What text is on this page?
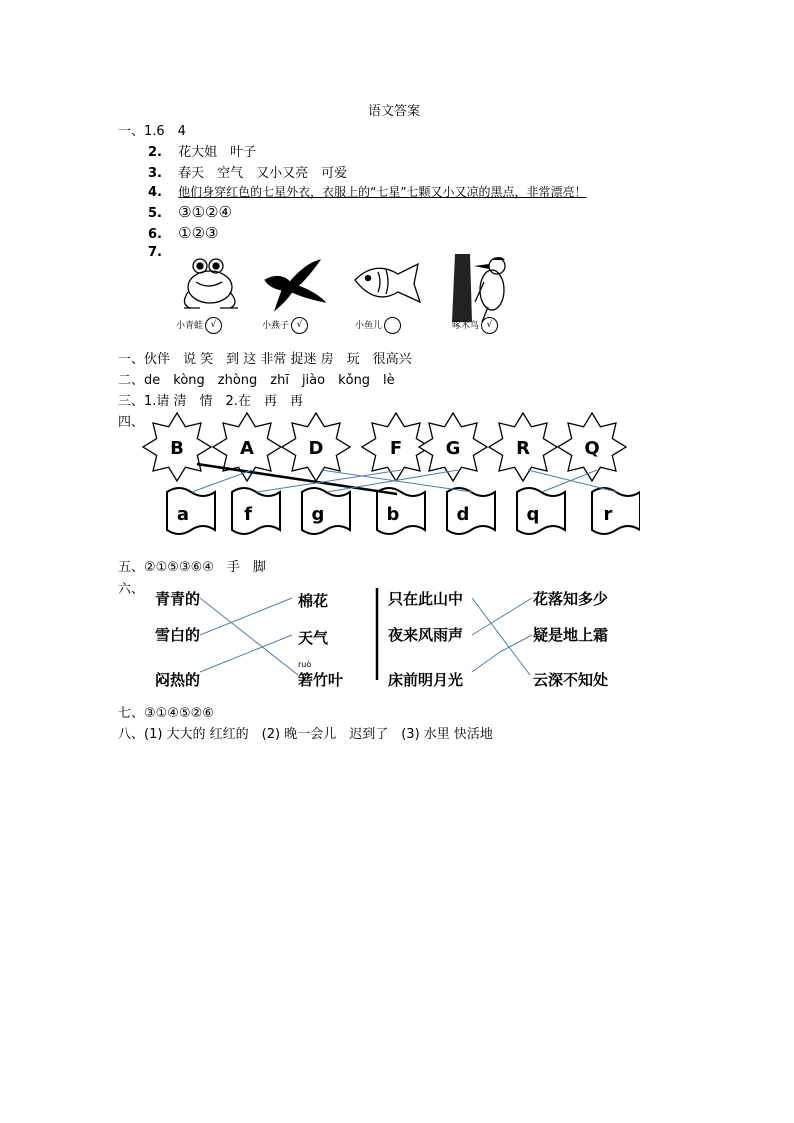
语文答案
一、1.6　4
2. 花大姐　叶子
3. 春天　空气　又小又亮　可爱
4. 他们身穿红色的七星外衣，衣服上的“七星”七颗又小又凉的黑点，非常漂亮！
5. ③①②④
6. ①②③
7.
小青蛙 √	小燕子 √	小鱼儿	啄木鸟 √
一、伙伴　说 笑　到 这 非常 捉迷 房　玩　很高兴
二、de　kòng　zhòng　zhī　jiào　kǒng　lè
三、1.请 清　情　2.在　再　再
四、
B	A	D	F G	R	Q
a	f	g	b	d	q	r
五、②①⑤③⑥④　手　脚
六、
青青的
雪白的
闷热的
棉花
天气
ruò
箬竹叶
只在此山中
夜来风雨声
床前明月光
花落知多少
疑是地上霜
云深不知处
七、③①④⑤②⑥
八、(1) 大大的 红红的　(2) 晚一会儿　迟到了　(3) 水里 快活地
